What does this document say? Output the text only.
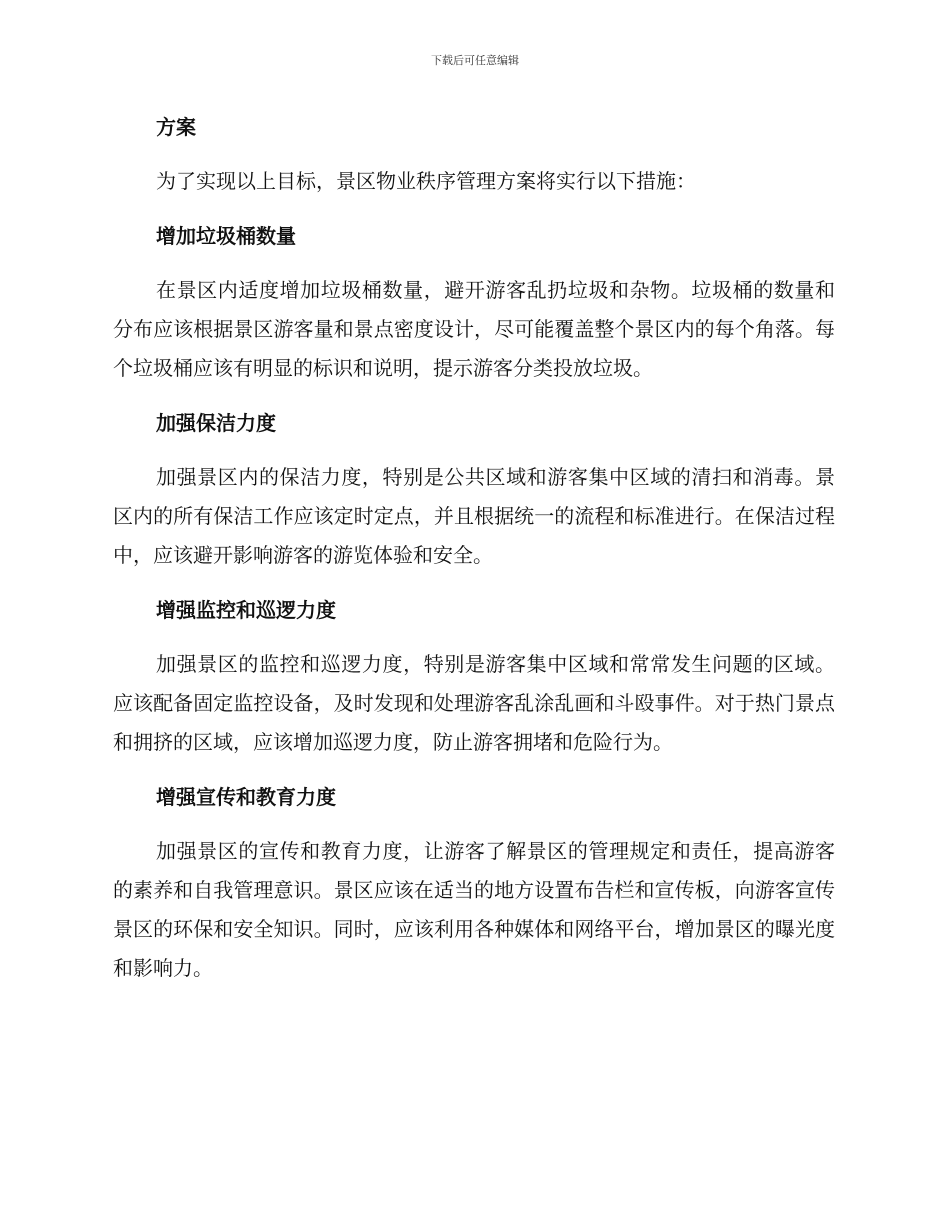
下载后可任意编辑
方案

为了实现以上目标，景区物业秩序管理方案将实行以下措施：

增加垃圾桶数量

在景区内适度增加垃圾桶数量，避开游客乱扔垃圾和杂物。垃圾桶的数量和分布应该根据景区游客量和景点密度设计，尽可能覆盖整个景区内的每个角落。每个垃圾桶应该有明显的标识和说明，提示游客分类投放垃圾。

加强保洁力度

加强景区内的保洁力度，特别是公共区域和游客集中区域的清扫和消毒。景区内的所有保洁工作应该定时定点，并且根据统一的流程和标准进行。在保洁过程中，应该避开影响游客的游览体验和安全。

增强监控和巡逻力度

加强景区的监控和巡逻力度，特别是游客集中区域和常常发生问题的区域。应该配备固定监控设备，及时发现和处理游客乱涂乱画和斗殴事件。对于热门景点和拥挤的区域，应该增加巡逻力度，防止游客拥堵和危险行为。

增强宣传和教育力度

加强景区的宣传和教育力度，让游客了解景区的管理规定和责任，提高游客的素养和自我管理意识。景区应该在适当的地方设置布告栏和宣传板，向游客宣传景区的环保和安全知识。同时，应该利用各种媒体和网络平台，增加景区的曝光度和影响力。
